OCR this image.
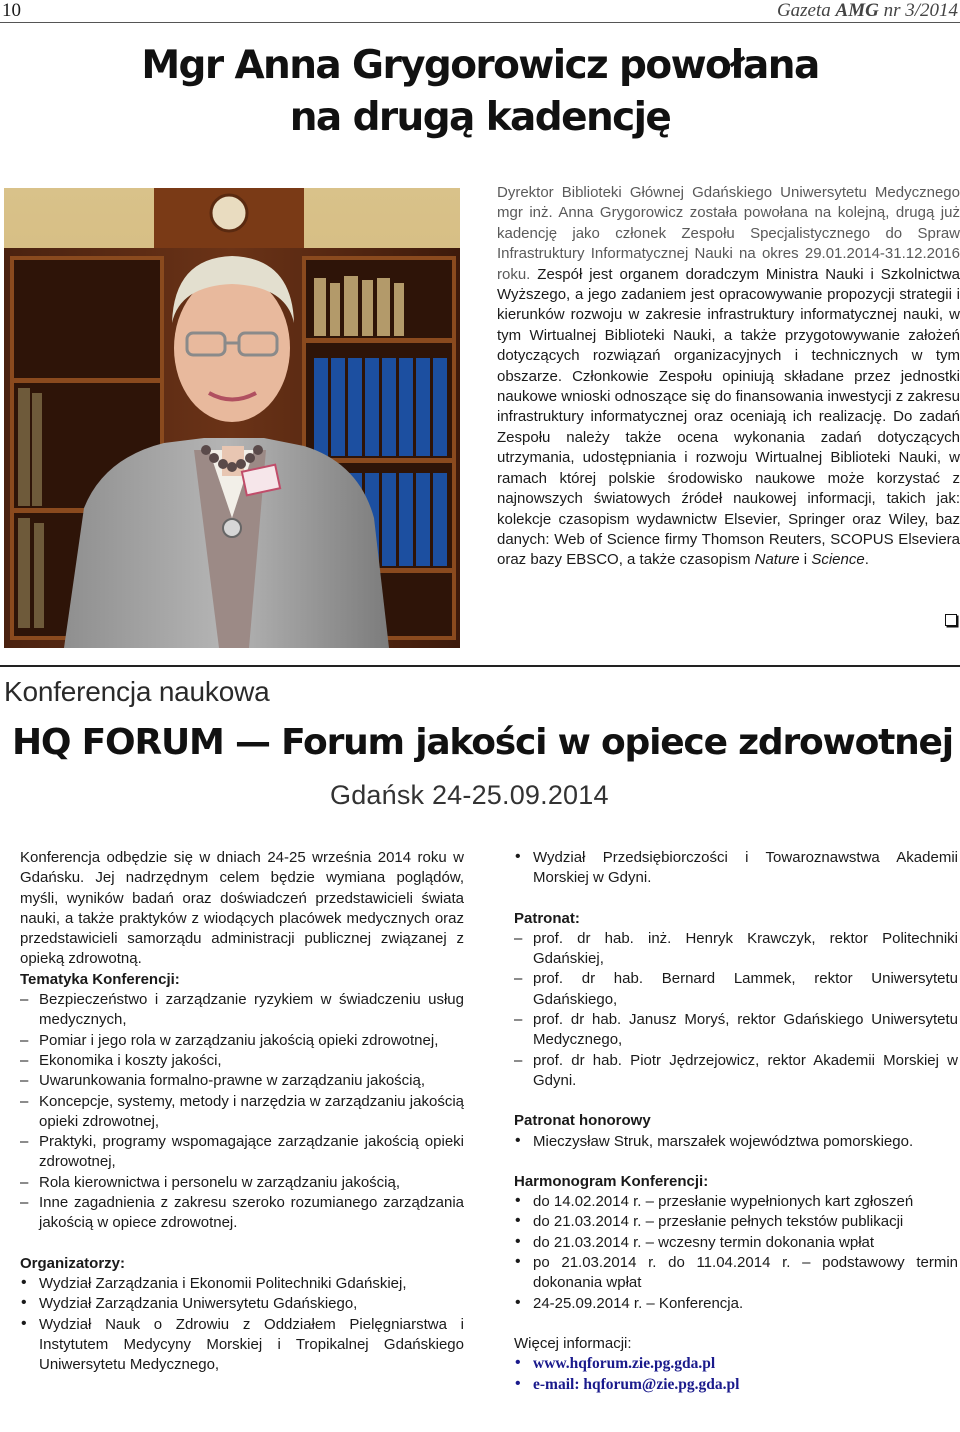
10	Gazeta AMG nr 3/2014
Mgr Anna Grygorowicz powołana
na drugą kadencję
Dyrektor Biblioteki Głównej Gdańskiego Uniwersytetu Medycznego mgr inż. Anna Grygorowicz została powołana na kolejną, drugą już kadencję jako członek Zespołu Specjalistycznego do Spraw Infrastruktury Informatycznej Nauki na okres 29.01.2014-31.12.2016 roku. Zespół jest organem doradczym Ministra Nauki i Szkolnictwa Wyższego, a jego zadaniem jest opracowywanie propozycji strategii i kierunków rozwoju w zakresie infrastruktury informatycznej nauki, w tym Wirtualnej Biblioteki Nauki, a także przygotowywanie założeń dotyczących rozwiązań organizacyjnych i technicznych w tym obszarze. Członkowie Zespołu opiniują składane przez jednostki naukowe wnioski odnoszące się do finansowania inwestycji z zakresu infrastruktury informatycznej oraz oceniają ich realizację. Do zadań Zespołu należy także ocena wykonania zadań dotyczących utrzymania, udostępniania i rozwoju Wirtualnej Biblioteki Nauki, w ramach której polskie środowisko naukowe może korzystać z najnowszych światowych źródeł naukowej informacji, takich jak: kolekcje czasopism wydawnictw Elsevier, Springer oraz Wiley, baz danych: Web of Science firmy Thomson Reuters, SCOPUS Elseviera oraz bazy EBSCO, a także czasopism Nature i Science.
Konferencja naukowa
HQ FORUM — Forum jakości w opiece zdrowotnej
Gdańsk 24-25.09.2014
Konferencja odbędzie się w dniach 24-25 września 2014 roku w Gdańsku. Jej nadrzędnym celem będzie wymiana poglądów, myśli, wyników badań oraz doświadczeń przedstawicieli świata nauki, a także praktyków z wiodących placówek medycznych oraz przedstawicieli samorządu administracji publicznej związanej z opieką zdrowotną.
Tematyka Konferencji:
– Bezpieczeństwo i zarządzanie ryzykiem w świadczeniu usług medycznych,
– Pomiar i jego rola w zarządzaniu jakością opieki zdrowotnej,
– Ekonomika i koszty jakości,
– Uwarunkowania formalno-prawne w zarządzaniu jakością,
– Koncepcje, systemy, metody i narzędzia w zarządzaniu jakością opieki zdrowotnej,
– Praktyki, programy wspomagające zarządzanie jakością opieki zdrowotnej,
– Rola kierownictwa i personelu w zarządzaniu jakością,
– Inne zagadnienia z zakresu szeroko rozumianego zarządzania jakością w opiece zdrowotnej.
Organizatorzy:
• Wydział Zarządzania i Ekonomii Politechniki Gdańskiej,
• Wydział Zarządzania Uniwersytetu Gdańskiego,
• Wydział Nauk o Zdrowiu z Oddziałem Pielęgniarstwa i Instytutem Medycyny Morskiej i Tropikalnej Gdańskiego Uniwersytetu Medycznego,
• Wydział Przedsiębiorczości i Towaroznawstwa Akademii Morskiej w Gdyni.
Patronat:
– prof. dr hab. inż. Henryk Krawczyk, rektor Politechniki Gdańskiej,
– prof. dr hab. Bernard Lammek, rektor Uniwersytetu Gdańskiego,
– prof. dr hab. Janusz Moryś, rektor Gdańskiego Uniwersytetu Medycznego,
– prof. dr hab. Piotr Jędrzejowicz, rektor Akademii Morskiej w Gdyni.
Patronat honorowy
• Mieczysław Struk, marszałek województwa pomorskiego.
Harmonogram Konferencji:
• do 14.02.2014 r. – przesłanie wypełnionych kart zgłoszeń
• do 21.03.2014 r. – przesłanie pełnych tekstów publikacji
• do 21.03.2014 r. – wczesny termin dokonania wpłat
• po 21.03.2014 r. do 11.04.2014 r. – podstawowy termin dokonania wpłat
• 24-25.09.2014 r. – Konferencja.
Więcej informacji:
• www.hqforum.zie.pg.gda.pl
• e-mail: hqforum@zie.pg.gda.pl
